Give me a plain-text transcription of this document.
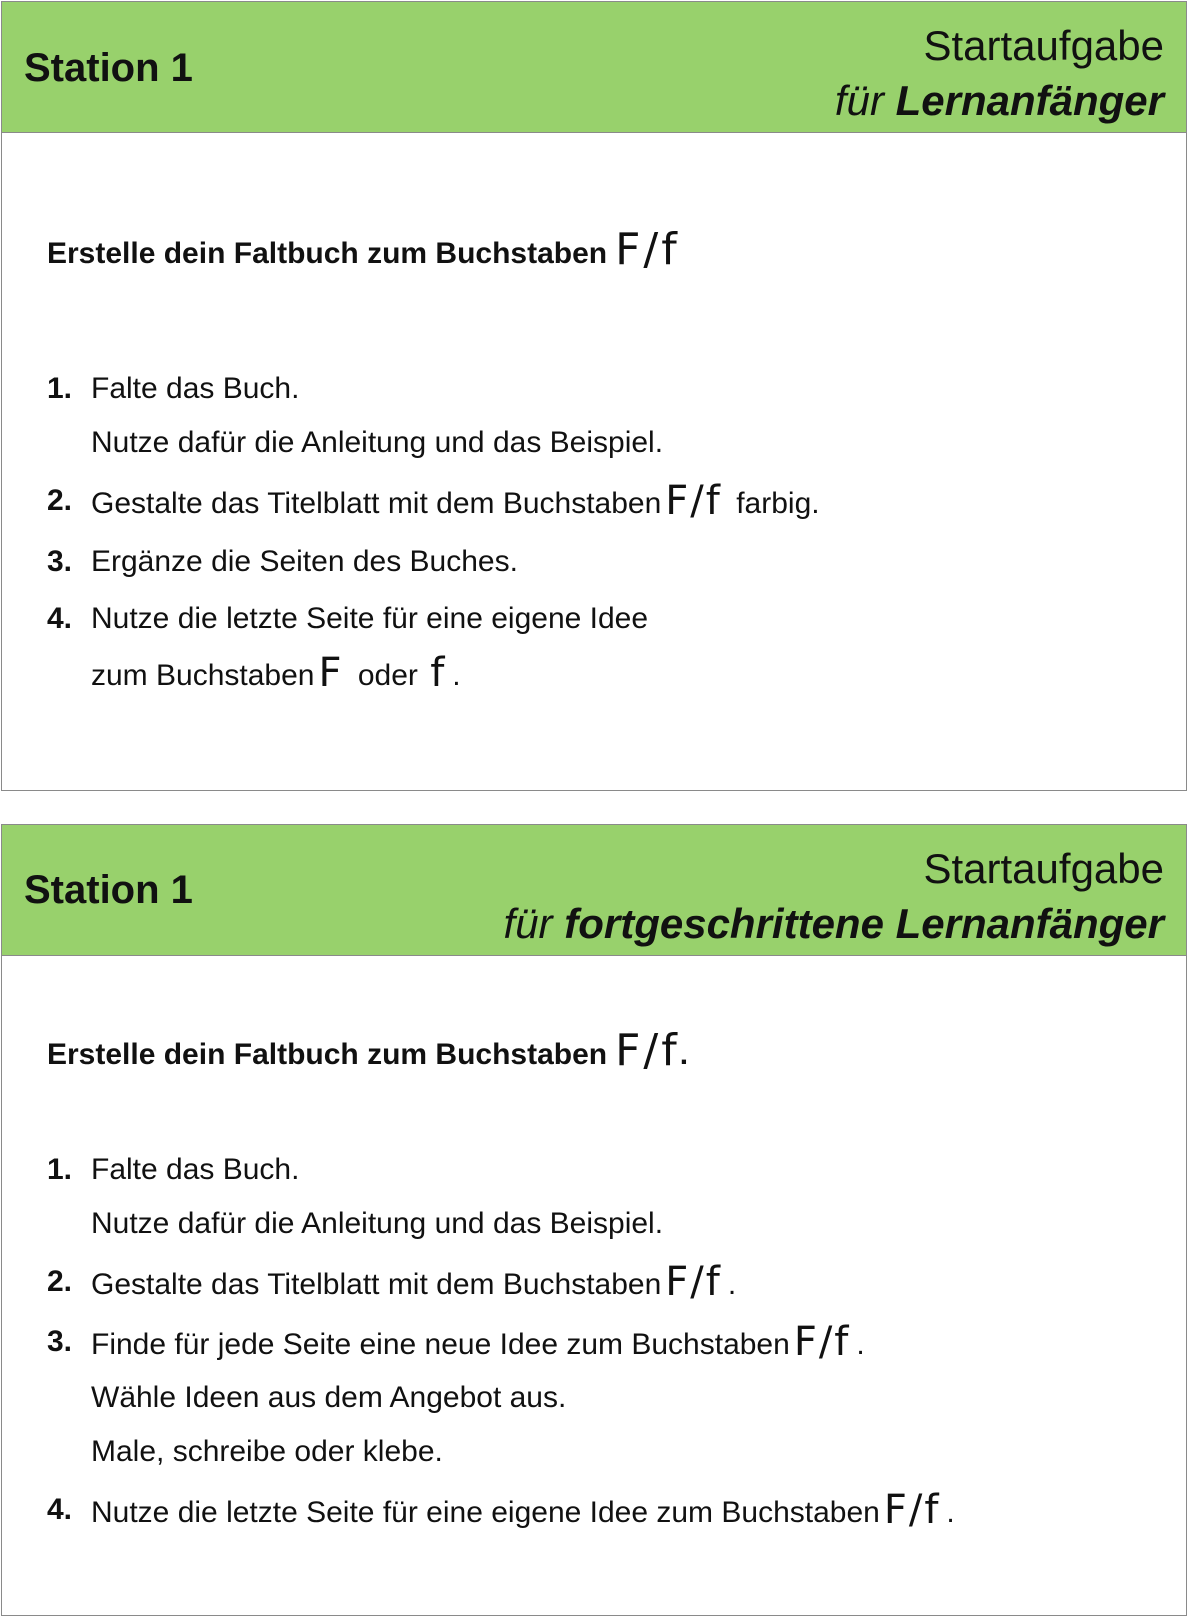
Station 1	Startaufgabe
für Lernanfänger
Erstelle dein Faltbuch zum Buchstaben F/f
1. Falte das Buch.
Nutze dafür die Anleitung und das Beispiel.
2. Gestalte das Titelblatt mit dem Buchstaben F/f farbig.
3. Ergänze die Seiten des Buches.
4. Nutze die letzte Seite für eine eigene Idee
zum Buchstaben F oder f .
Station 1	Startaufgabe
für fortgeschrittene Lernanfänger
Erstelle dein Faltbuch zum Buchstaben F/f.
1. Falte das Buch.
Nutze dafür die Anleitung und das Beispiel.
2. Gestalte das Titelblatt mit dem Buchstaben F/f .
3. Finde für jede Seite eine neue Idee zum Buchstaben F/f .
Wähle Ideen aus dem Angebot aus.
Male, schreibe oder klebe.
4. Nutze die letzte Seite für eine eigene Idee zum Buchstaben F/f .
